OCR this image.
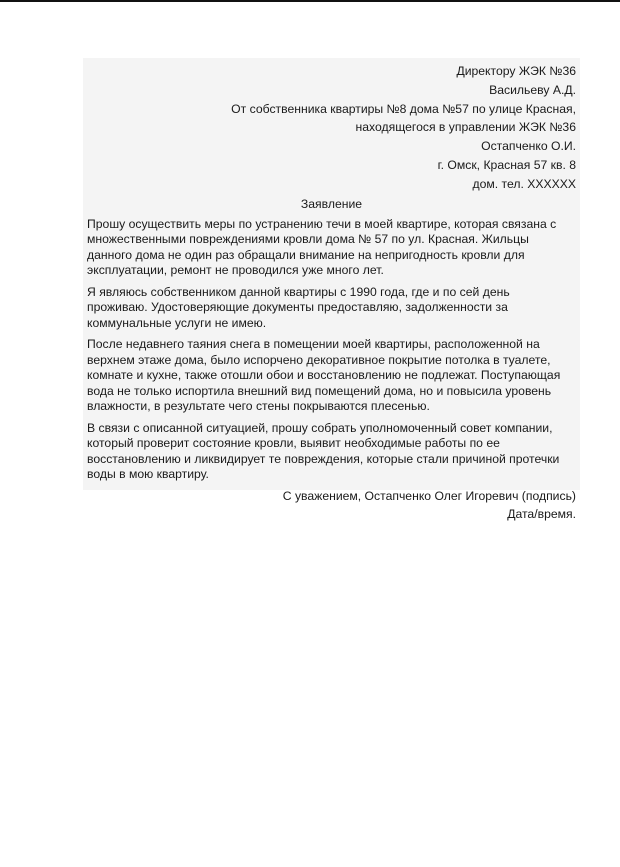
Директору ЖЭК №36
Васильеву А.Д.
От собственника квартиры №8 дома №57 по улице Красная,
находящегося в управлении ЖЭК №36
Остапченко О.И.
г. Омск, Красная 57 кв. 8
дом. тел. XXXXXX
Заявление

Прошу осуществить меры по устранению течи в моей квартире, которая связана с множественными повреждениями кровли дома № 57 по ул. Красная. Жильцы данного дома не один раз обращали внимание на непригодность кровли для эксплуатации, ремонт не проводился уже много лет.

Я являюсь собственником данной квартиры с 1990 года, где и по сей день проживаю. Удостоверяющие документы предоставляю, задолженности за коммунальные услуги не имею.

После недавнего таяния снега в помещении моей квартиры, расположенной на верхнем этаже дома, было испорчено декоративное покрытие потолка в туалете, комнате и кухне, также отошли обои и восстановлению не подлежат. Поступающая вода не только испортила внешний вид помещений дома, но и повысила уровень влажности, в результате чего стены покрываются плесенью.

В связи с описанной ситуацией, прошу собрать уполномоченный совет компании, который проверит состояние кровли, выявит необходимые работы по ее восстановлению и ликвидирует те повреждения, которые стали причиной протечки воды в мою квартиру.

С уважением, Остапченко Олег Игоревич (подпись)
Дата/время.
